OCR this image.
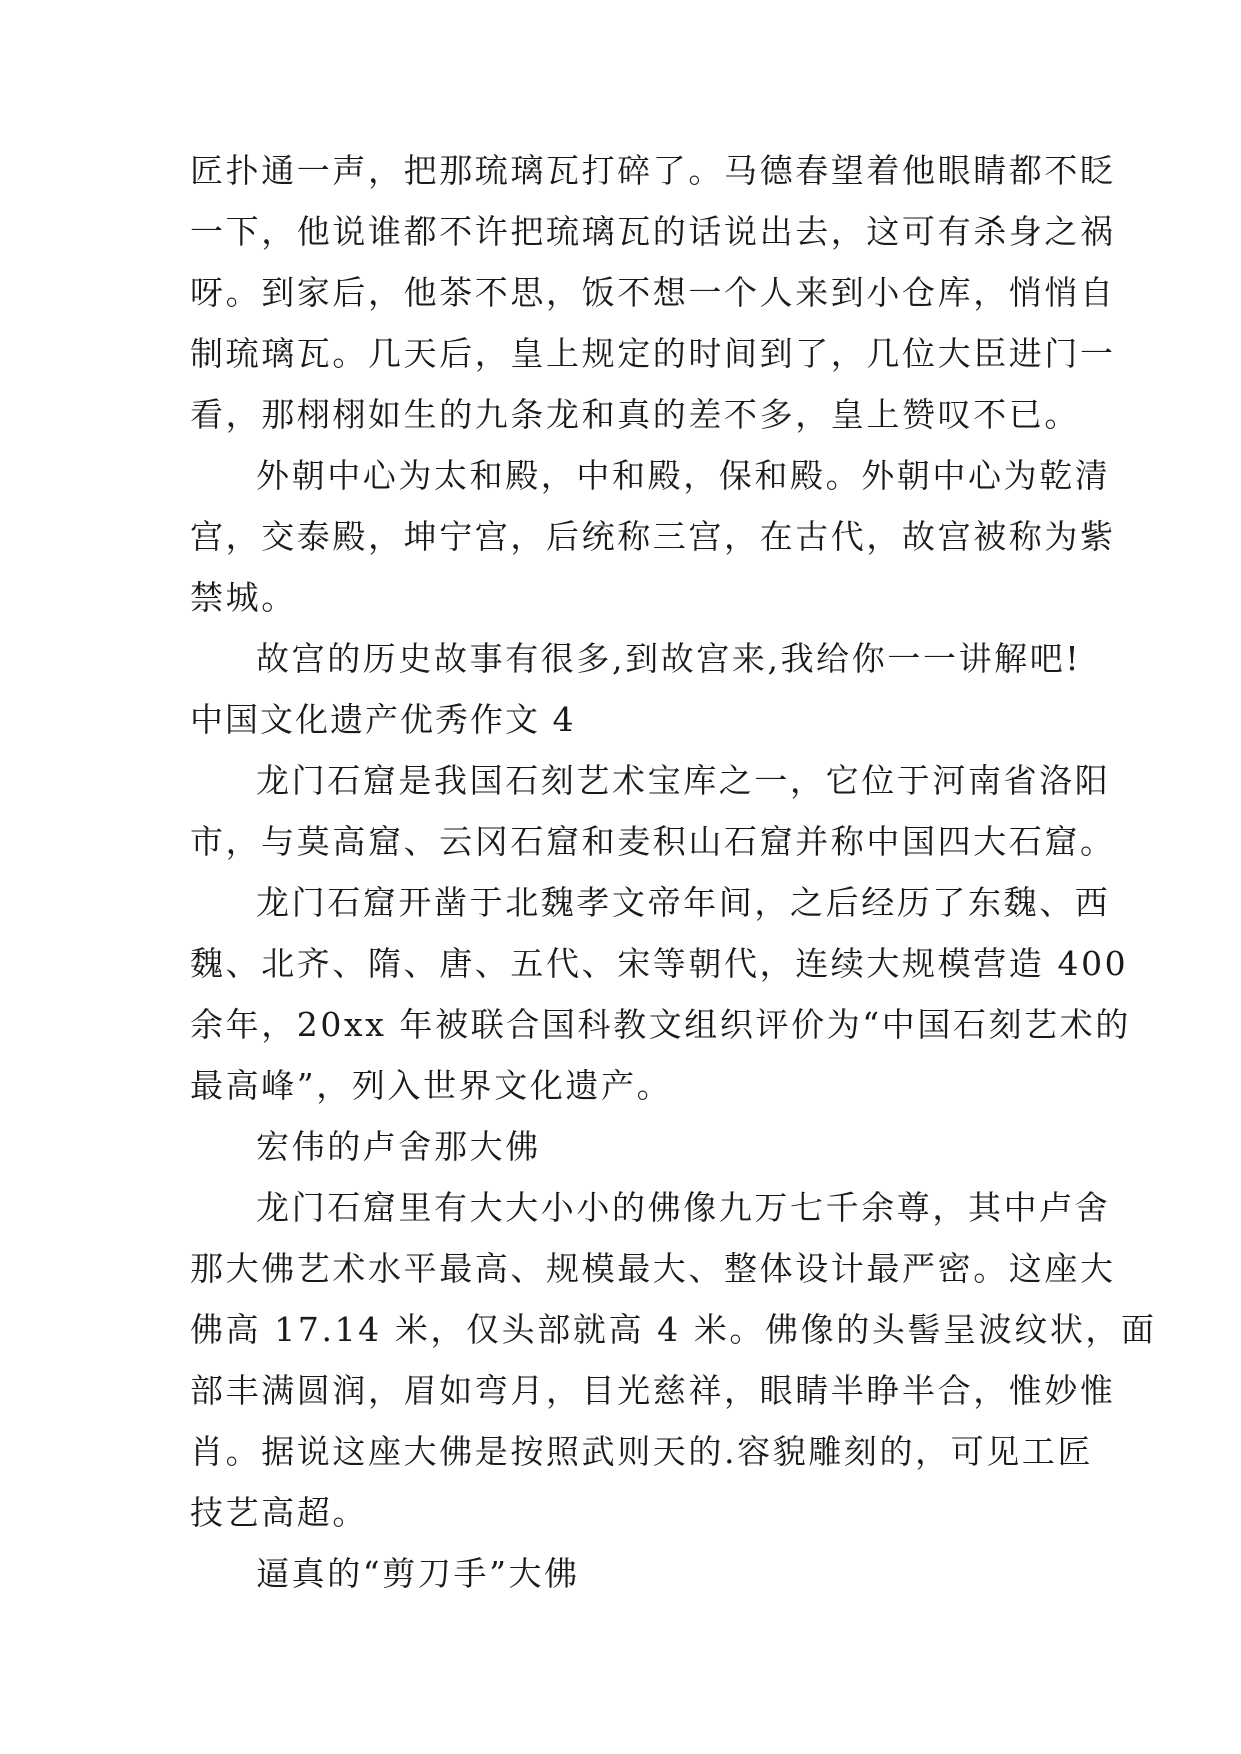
匠扑通一声，把那琉璃瓦打碎了。马德春望着他眼睛都不眨
一下，他说谁都不许把琉璃瓦的话说出去，这可有杀身之祸
呀。到家后，他茶不思，饭不想一个人来到小仓库，悄悄自
制琉璃瓦。几天后，皇上规定的时间到了，几位大臣进门一
看，那栩栩如生的九条龙和真的差不多，皇上赞叹不已。
外朝中心为太和殿，中和殿，保和殿。外朝中心为乾清
宫，交泰殿，坤宁宫，后统称三宫，在古代，故宫被称为紫
禁城。
故宫的历史故事有很多,到故宫来,我给你一一讲解吧!
中国文化遗产优秀作文 4
龙门石窟是我国石刻艺术宝库之一，它位于河南省洛阳
市，与莫高窟、云冈石窟和麦积山石窟并称中国四大石窟。
龙门石窟开凿于北魏孝文帝年间，之后经历了东魏、西
魏、北齐、隋、唐、五代、宋等朝代，连续大规模营造 400
余年，20xx 年被联合国科教文组织评价为“中国石刻艺术的
最高峰”，列入世界文化遗产。
宏伟的卢舍那大佛
龙门石窟里有大大小小的佛像九万七千余尊，其中卢舍
那大佛艺术水平最高、规模最大、整体设计最严密。这座大
佛高 17.14 米，仅头部就高 4 米。佛像的头髻呈波纹状，面
部丰满圆润，眉如弯月，目光慈祥，眼睛半睁半合，惟妙惟
肖。据说这座大佛是按照武则天的.容貌雕刻的，可见工匠
技艺高超。
逼真的“剪刀手”大佛
